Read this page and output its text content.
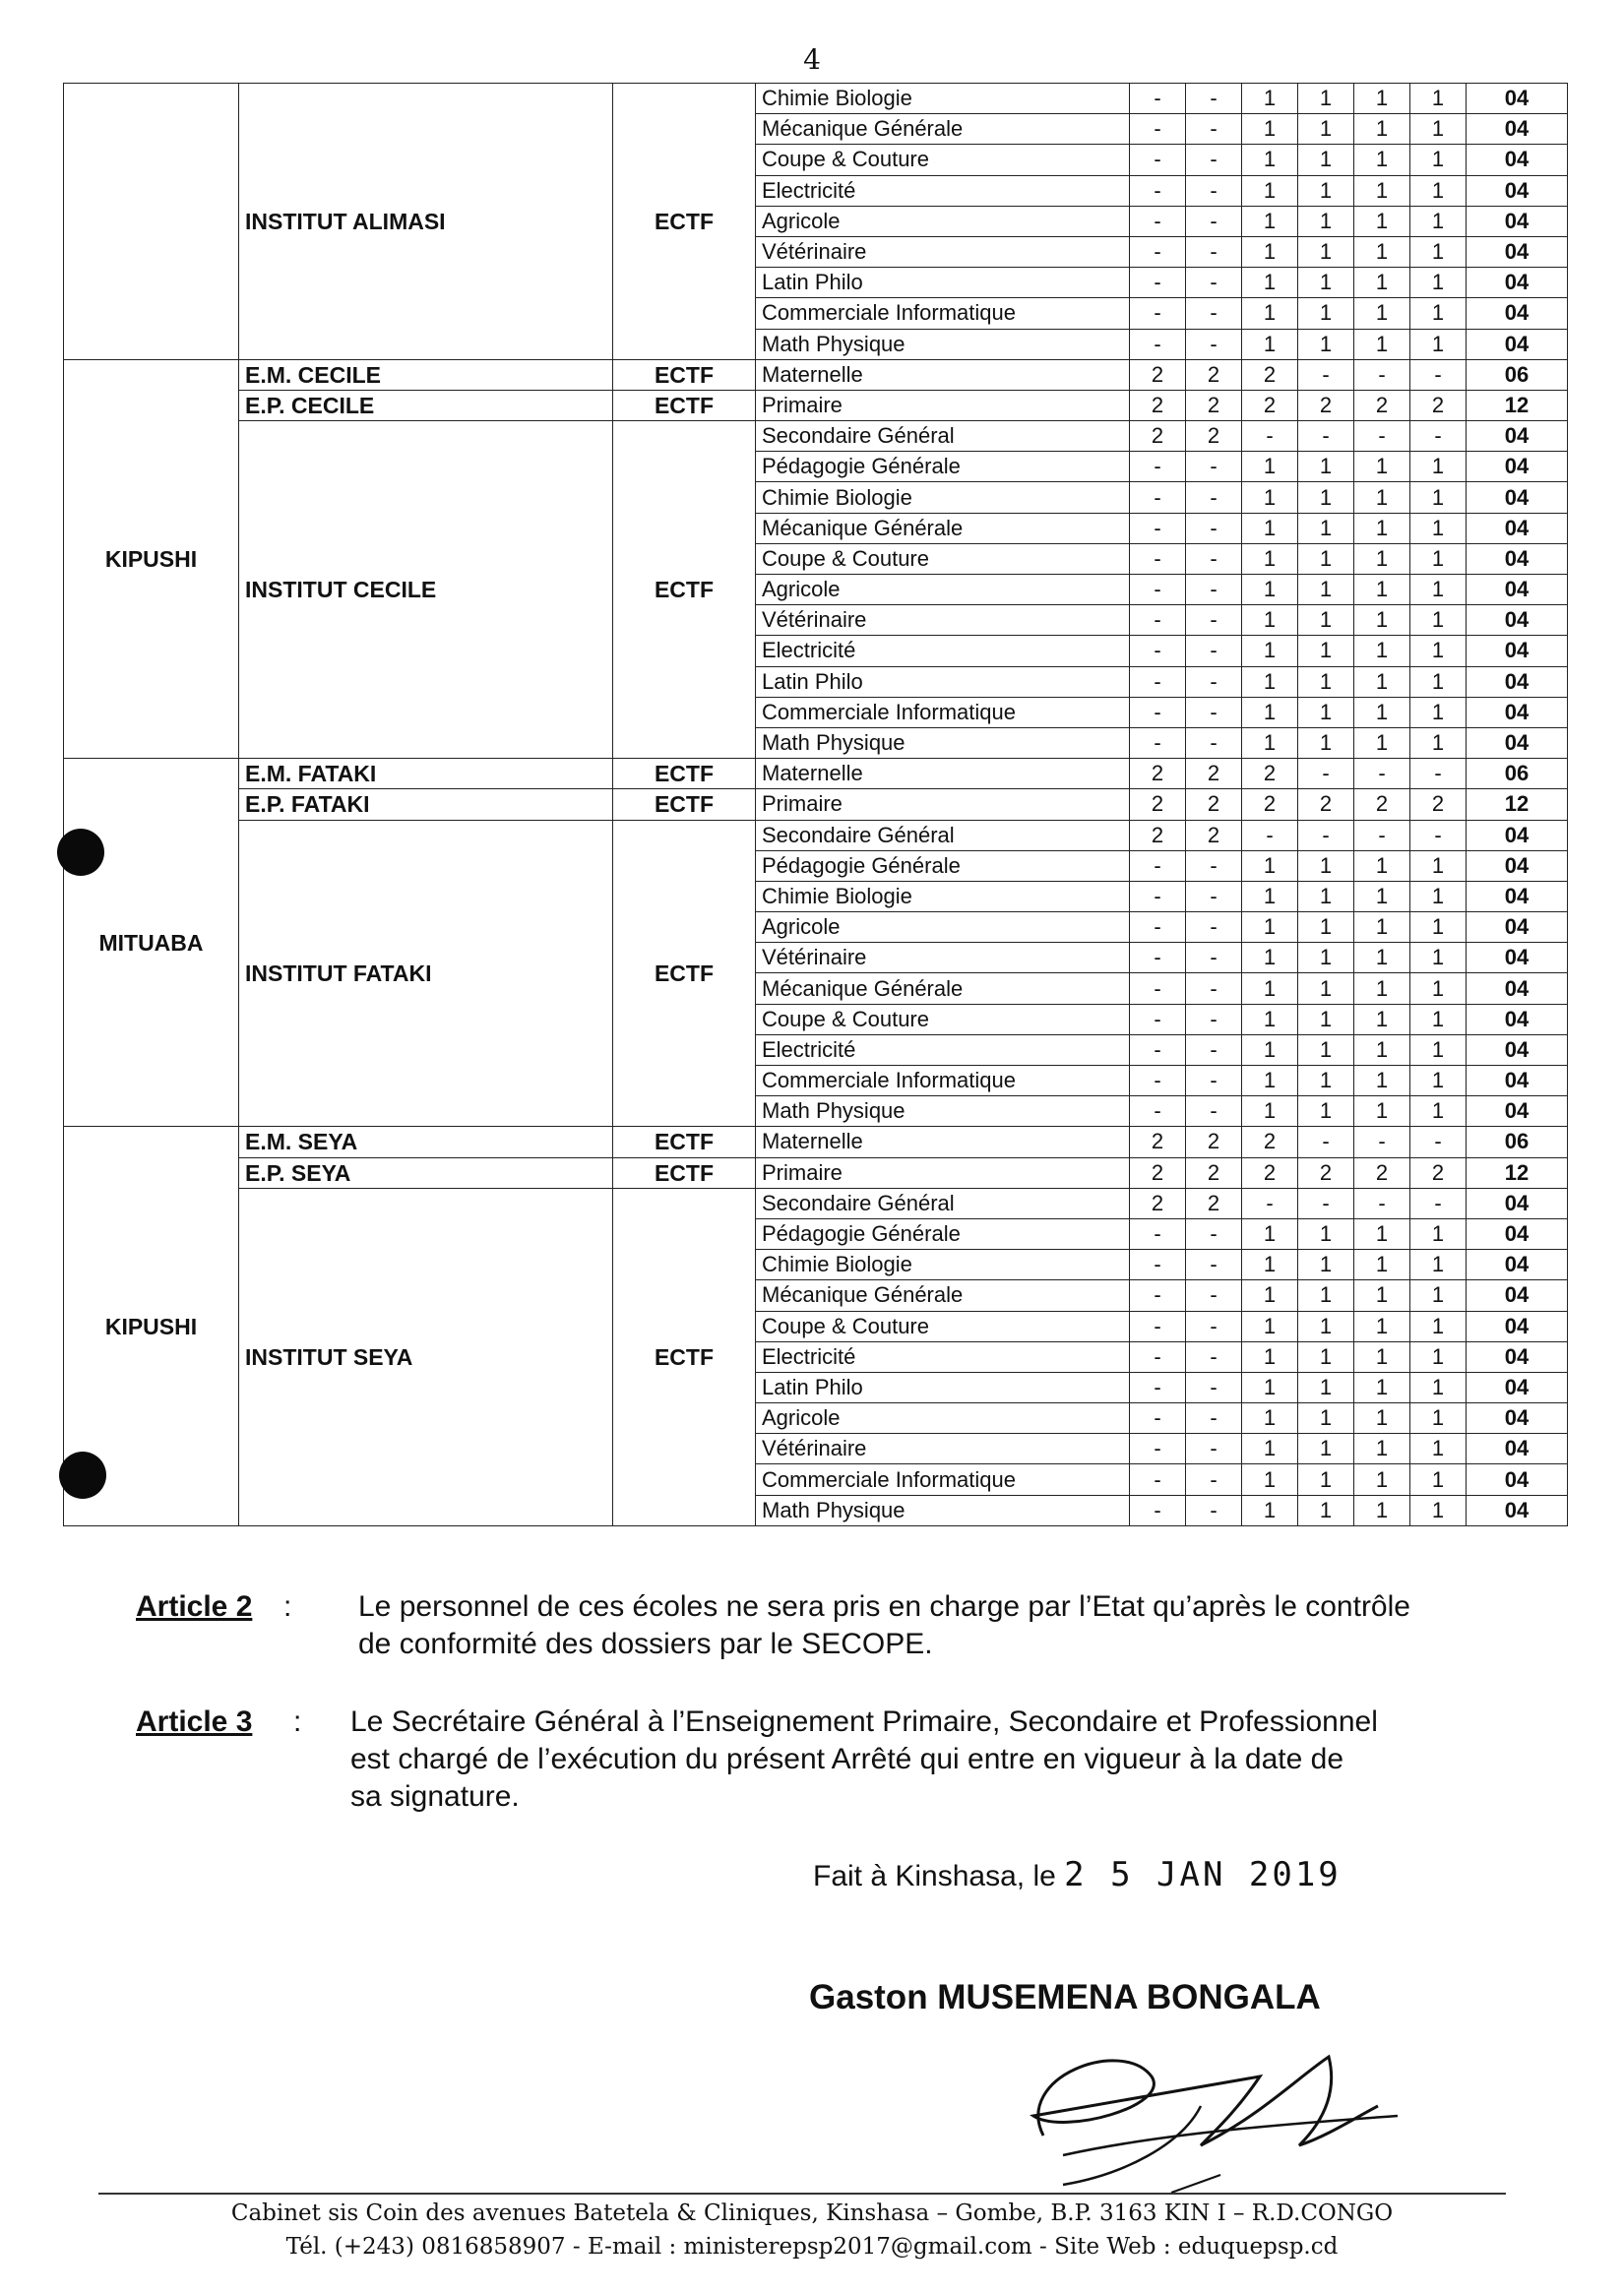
4
	INSTITUT ALIMASI	ECTF	Chimie Biologie	-	-	1	1	1	1	04
			Mécanique Générale	-	-	1	1	1	1	04
			Coupe & Couture	-	-	1	1	1	1	04
			Electricité	-	-	1	1	1	1	04
			Agricole	-	-	1	1	1	1	04
			Vétérinaire	-	-	1	1	1	1	04
			Latin Philo	-	-	1	1	1	1	04
			Commerciale Informatique	-	-	1	1	1	1	04
			Math Physique	-	-	1	1	1	1	04
KIPUSHI	E.M. CECILE	ECTF	Maternelle	2	2	2	-	-	-	06
	E.P. CECILE	ECTF	Primaire	2	2	2	2	2	2	12
	INSTITUT CECILE	ECTF	Secondaire Général	2	2	-	-	-	-	04
			Pédagogie Générale	-	-	1	1	1	1	04
			Chimie Biologie	-	-	1	1	1	1	04
			Mécanique Générale	-	-	1	1	1	1	04
			Coupe & Couture	-	-	1	1	1	1	04
			Agricole	-	-	1	1	1	1	04
			Vétérinaire	-	-	1	1	1	1	04
			Electricité	-	-	1	1	1	1	04
			Latin Philo	-	-	1	1	1	1	04
			Commerciale Informatique	-	-	1	1	1	1	04
			Math Physique	-	-	1	1	1	1	04
MITUABA	E.M. FATAKI	ECTF	Maternelle	2	2	2	-	-	-	06
	E.P. FATAKI	ECTF	Primaire	2	2	2	2	2	2	12
	INSTITUT FATAKI	ECTF	Secondaire Général	2	2	-	-	-	-	04
			Pédagogie Générale	-	-	1	1	1	1	04
			Chimie Biologie	-	-	1	1	1	1	04
			Agricole	-	-	1	1	1	1	04
			Vétérinaire	-	-	1	1	1	1	04
			Mécanique Générale	-	-	1	1	1	1	04
			Coupe & Couture	-	-	1	1	1	1	04
			Electricité	-	-	1	1	1	1	04
			Commerciale Informatique	-	-	1	1	1	1	04
			Math Physique	-	-	1	1	1	1	04
KIPUSHI	E.M. SEYA	ECTF	Maternelle	2	2	2	-	-	-	06
	E.P. SEYA	ECTF	Primaire	2	2	2	2	2	2	12
	INSTITUT SEYA	ECTF	Secondaire Général	2	2	-	-	-	-	04
			Pédagogie Générale	-	-	1	1	1	1	04
			Chimie Biologie	-	-	1	1	1	1	04
			Mécanique Générale	-	-	1	1	1	1	04
			Coupe & Couture	-	-	1	1	1	1	04
			Electricité	-	-	1	1	1	1	04
			Latin Philo	-	-	1	1	1	1	04
			Agricole	-	-	1	1	1	1	04
			Vétérinaire	-	-	1	1	1	1	04
			Commerciale Informatique	-	-	1	1	1	1	04
			Math Physique	-	-	1	1	1	1	04
Article 2 : Le personnel de ces écoles ne sera pris en charge par l’Etat qu’après le contrôle
de conformité des dossiers par le SECOPE.
Article 3 : Le Secrétaire Général à l’Enseignement Primaire, Secondaire et Professionnel
est chargé de l’exécution du présent Arrêté qui entre en vigueur à la date de
sa signature.
Fait à Kinshasa, le 2 5 JAN 2019
Gaston MUSEMENA BONGALA
Cabinet sis Coin des avenues Batetela & Cliniques, Kinshasa – Gombe, B.P. 3163 KIN I – R.D.CONGO
Tél. (+243) 0816858907 - E-mail : ministerepsp2017@gmail.com - Site Web : eduquepsp.cd
